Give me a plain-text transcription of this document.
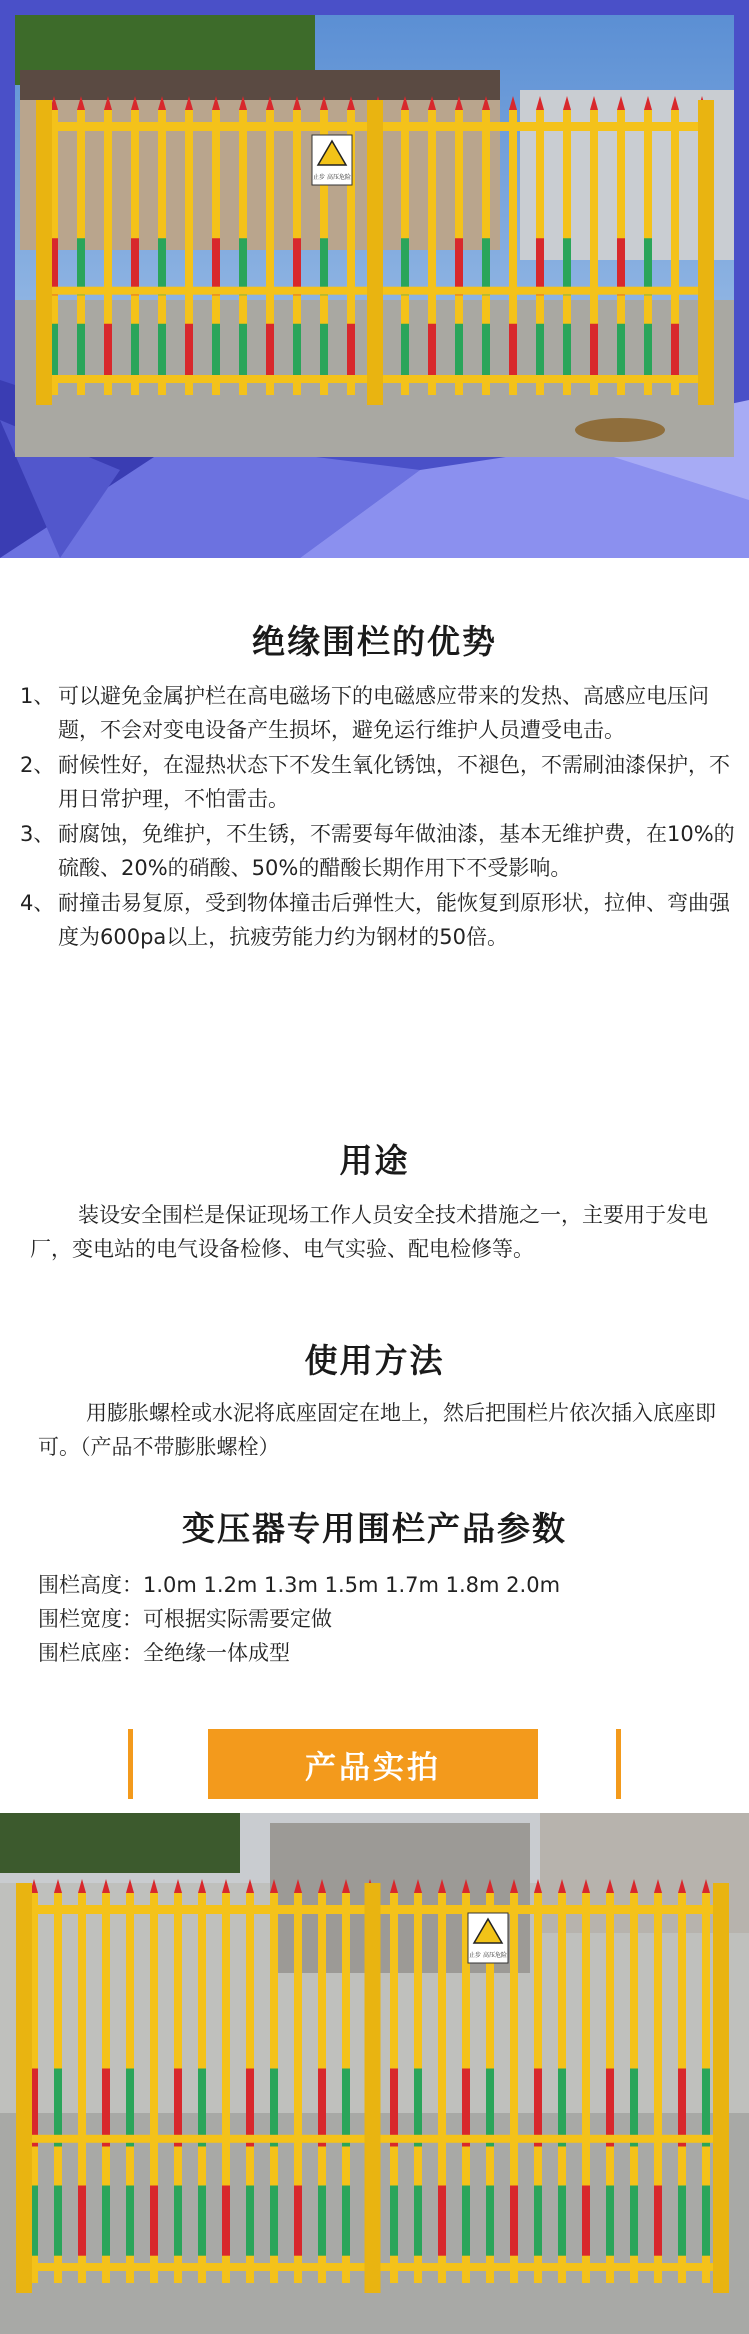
止步 高压危险
绝缘围栏的优势
1、 可以避免金属护栏在高电磁场下的电磁感应带来的发热、高感应电压问题，不会对变电设备产生损坏，避免运行维护人员遭受电击。
2、 耐候性好，在湿热状态下不发生氧化锈蚀，不褪色，不需刷油漆保护，不用日常护理，不怕雷击。
3、 耐腐蚀，免维护，不生锈，不需要每年做油漆，基本无维护费，在10%的硫酸、20%的硝酸、50%的醋酸长期作用下不受影响。
4、 耐撞击易复原，受到物体撞击后弹性大，能恢复到原形状，拉伸、弯曲强度为600pa以上，抗疲劳能力约为钢材的50倍。
用途

装设安全围栏是保证现场工作人员安全技术措施之一，主要用于发电厂，变电站的电气设备检修、电气实验、配电检修等。

使用方法

用膨胀螺栓或水泥将底座固定在地上，然后把围栏片依次插入底座即可。（产品不带膨胀螺栓）

变压器专用围栏产品参数

围栏高度：1.0m 1.2m 1.3m 1.5m 1.7m 1.8m 2.0m

围栏宽度：可根据实际需要定做

围栏底座：全绝缘一体成型

产品实拍
止步 高压危险
